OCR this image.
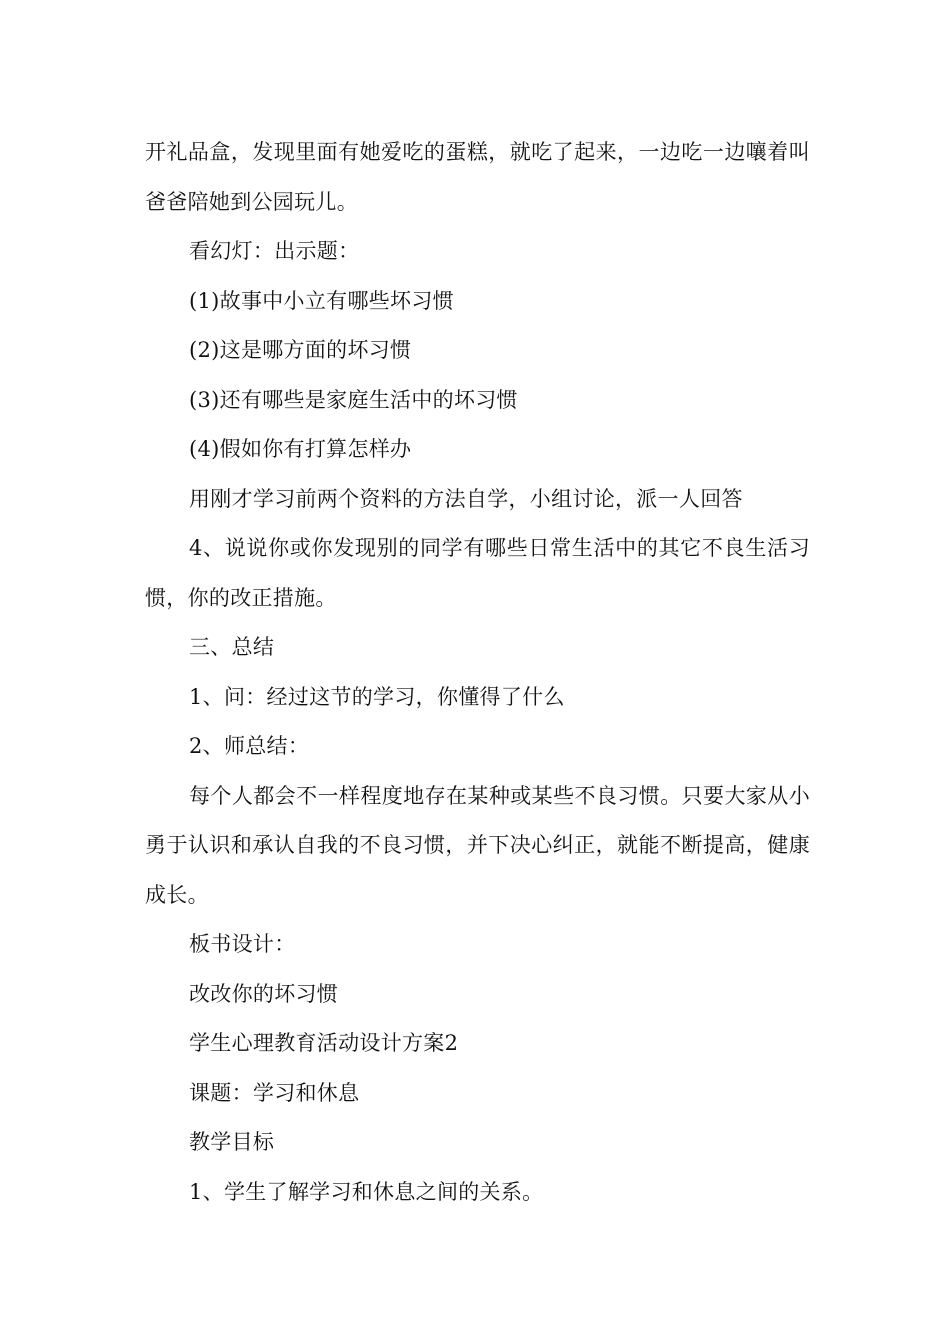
开礼品盒，发现里面有她爱吃的蛋糕，就吃了起来，一边吃一边嚷着叫爸爸陪她到公园玩儿。

看幻灯：出示题：

(1)故事中小立有哪些坏习惯

(2)这是哪方面的坏习惯

(3)还有哪些是家庭生活中的坏习惯

(4)假如你有打算怎样办

用刚才学习前两个资料的方法自学，小组讨论，派一人回答

4、说说你或你发现别的同学有哪些日常生活中的其它不良生活习惯，你的改正措施。

三、总结

1、问：经过这节的学习，你懂得了什么

2、师总结：

每个人都会不一样程度地存在某种或某些不良习惯。只要大家从小勇于认识和承认自我的不良习惯，并下决心纠正，就能不断提高，健康成长。

板书设计：

改改你的坏习惯

学生心理教育活动设计方案2

课题：学习和休息

教学目标

1、学生了解学习和休息之间的关系。
